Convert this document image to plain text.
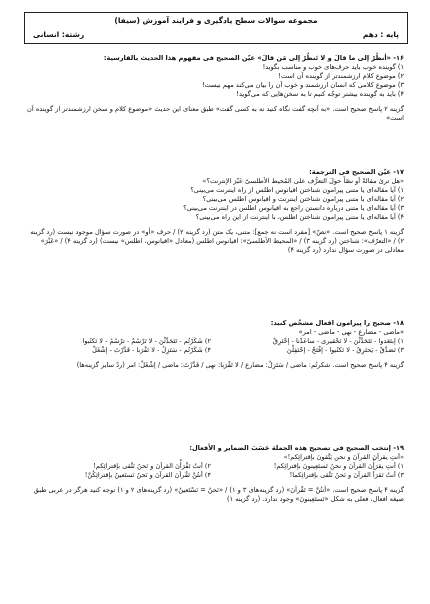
مجموعه سوالات سطح یادگیری و فرایند آموزش (سیفا)
پایه : دهم
رشته: انسانی

۱۶- «أنظُرْ إلی ما قالَ و لا تَنظُرْ إلی مَن قالَ» عیّن الصحیح فی مفهوم هذا الحدیث بالفارسیة:

۱) گوینده خوب باید حرف‌های خوب و مناسب بگوید!

۲) موضوع کلام ارزشمندتر از گوینده آن است!

۳) موضوع کلامی که انسان ارزشمند و خوب آن را بیان می‌کند مهم نیست!

۴) باید به گوینده بیشتر توجّه کنیم تا به سخن‌هایی که می‌گوید!

گزینه ۲ پاسخ صحیح است. «به آنچه گفت نگاه کنید نه به کسی گفت» طبق معنای این حدیث «موضوع کلام و سخن ارزشمندتر از گوینده آن است»

۱۷- عیّن الصحیح فی الترجمة:

«هل تریٰ مقالةً أو نصّاً حولَ التعرُّف علی المُحیط الأطلسیّ عَبْرَ الإنترنت؟»

۱) آیا مقاله‌ای یا متنی پیرامون شناختن اقیانوس اطلس از راه اینترنت می‌بینی؟

۲) آیا مقاله‌ای یا متنی پیرامون شناختن اینترنت و اقیانوس اطلس می‌بینی؟

۳) آیا مقاله‌ای یا متنی درباره دانستن راجع به اقیانوس اطلس در اینترنت می‌بینی؟

۴) آیا مقاله‌ای یا متنی پیرامون شناختن اطلس، با اینترنت از این راه می‌بینی؟

گزینه ۱ پاسخ صحیح است. «نصّ» [مفرد است نه جمع]: متنی، یک متن (رد گزینه ۲) / حرف «أو» در صورت سؤال موجود نیست (رد گزینه ۲) / «التعرّف»: شناختن (رد گزینه ۳) / «المحیط الأطلسیّ»: اقیانوس اطلس (معادل «اقیانوس، اطلس» نیست) (رد گزینه ۴) / «عَبْرَ» معادلی در صورت سؤال ندارد (رد گزینه ۴)

۱۸- صحیح را پیرامون افعال مشخّص کنید:

«ماضی - مضارع - نهی - ماضی - امر»

۱) إبتَعَدوا - تَتَحَدَّثْنَ - لا تَحْقیری - ساعَدْنا - إحْتَرِقْ

۲) شَکَرْتُم - تَتَحَدَّثْنَ - لا تَرْسُمْ - ترْسُمُ - لا تَکتُبوا

۳) تَصَدَّقْ - یَحتَرِقُ - لا تَکتُبوا - إفْتَحْ - إحْتَفِلْنَ

۴) شَکَرْتُم - سَتَزِلُ - لا تَقْرَبا - قَدَّرْتَ - إشْغَلْ

گزینه ۴ پاسخ صحیح است. شکرتُم: ماضی / سَتَزِلُ: مضارع / لا تَقْرَبا: نهی / قَدَّرْتَ: ماضی / إشْغَلْ: امر (ردّ سایر گزینه‌ها)

۱۹- إنتخب الصحیح فی تصحیح هذه الجملة حَسَبَ الضمایر و الأفعال:

«أنتِ یقرأنَ القرآنَ و نحن یَتَّقونَ بإقترائِکم!»

۱) أنتِ یقرَأْنَ القرآنَ و نحنُ تَستَعِینونَ بإقترائِکم!

۲) أنتُ تَقْرَأْنَ القرآنَ و نَحنُ نَتَّقی بإقترائِکم!

۳) أنتُ تَقرَأُ القرآنَ و نَحنُ نَتَّقی بإقترائِکما!

۴) أنتُنَّ تَقْرأنَ القرآنَ و نَحنُ نَستَعینُ بإقترائِکُنَّ!

گزینه ۴ پاسخ صحیح است. «أنتُنَّ = تَقْرأنَ» (رد گزینه‌های ۳ و ۱) / «نَحنُ = نَسْتَعینُ» (رد گزینه‌های ۲ و ۱) توجه کنید هرگز در عربی طبق صیغه افعال، فعلی به شکل «تَستَعِینونَ» وجود ندارد. (رد گزینه ۱)
